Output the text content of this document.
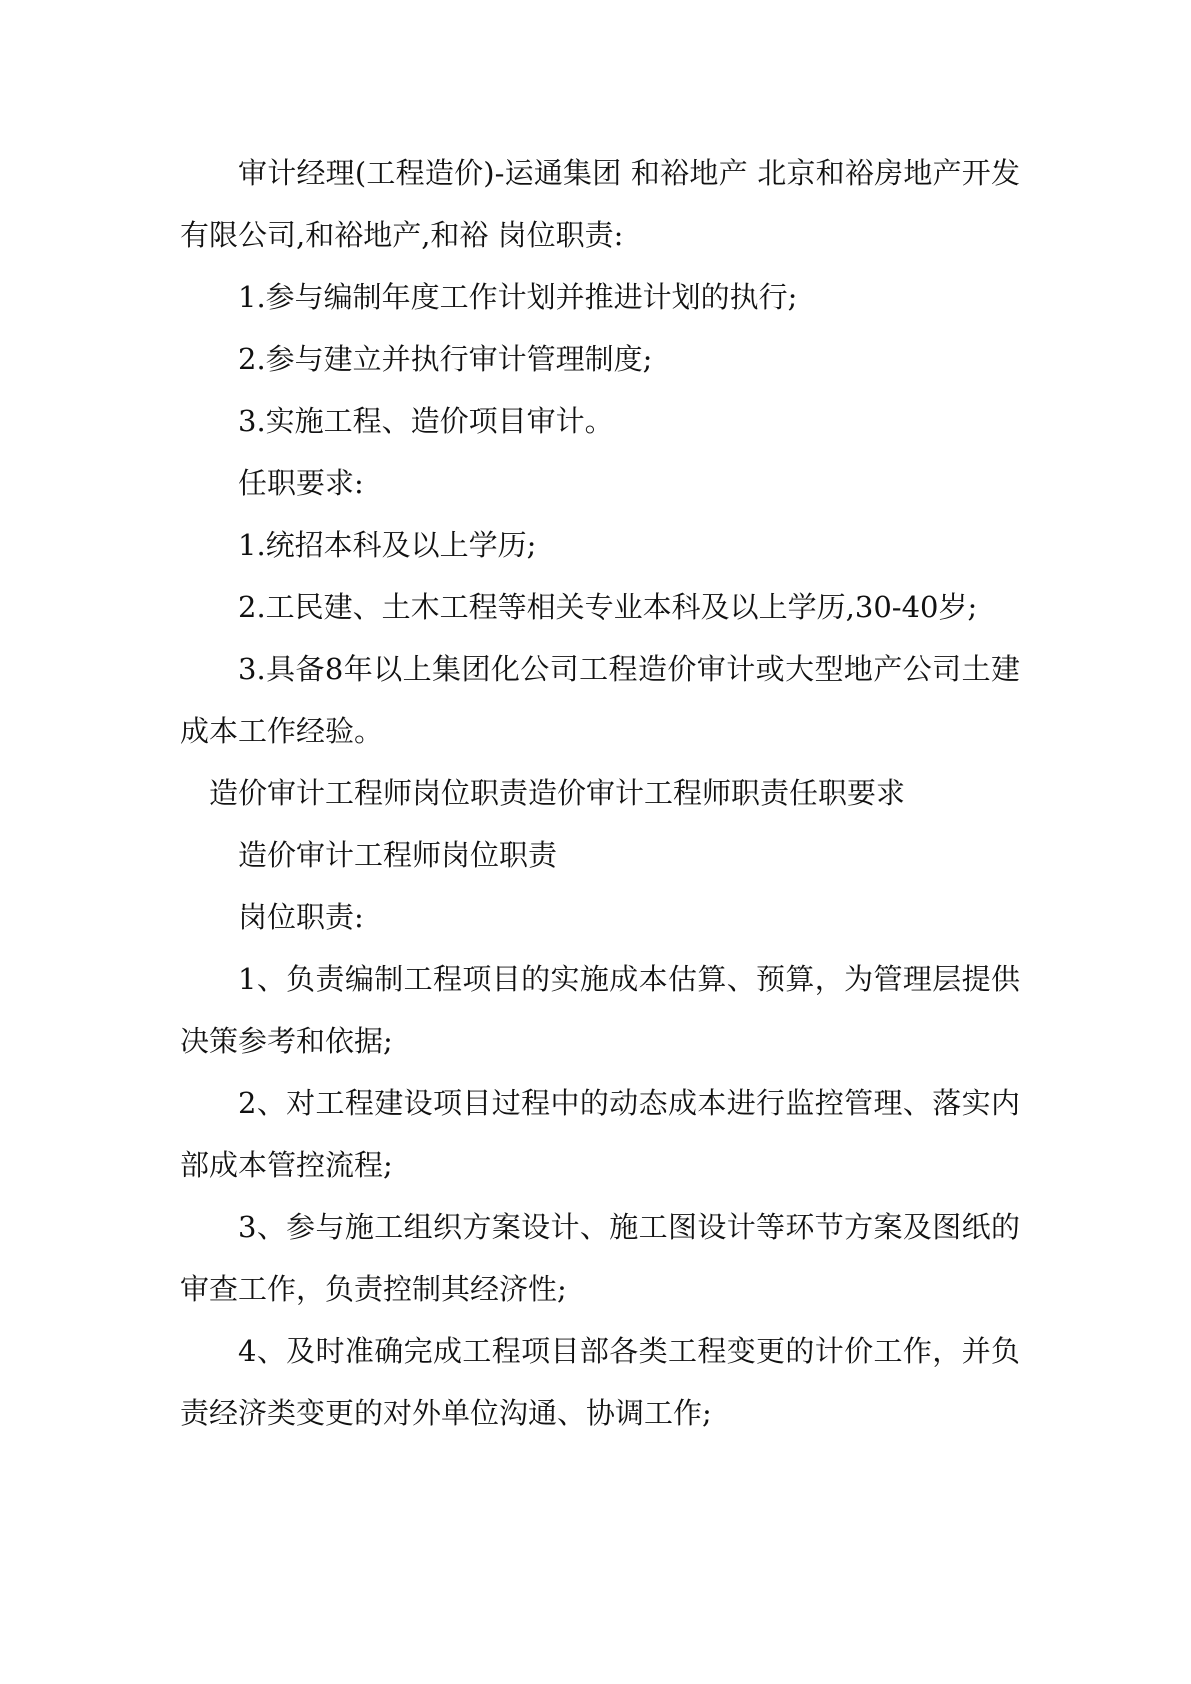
审计经理(工程造价)-运通集团 和裕地产 北京和裕房地产开发有限公司,和裕地产,和裕 岗位职责:

1.参与编制年度工作计划并推进计划的执行;

2.参与建立并执行审计管理制度;

3.实施工程、造价项目审计。

任职要求:

1.统招本科及以上学历;

2.工民建、土木工程等相关专业本科及以上学历,30-40岁;

3.具备8年以上集团化公司工程造价审计或大型地产公司土建成本工作经验。

造价审计工程师岗位职责造价审计工程师职责任职要求

造价审计工程师岗位职责

岗位职责:

1、负责编制工程项目的实施成本估算、预算，为管理层提供决策参考和依据;

2、对工程建设项目过程中的动态成本进行监控管理、落实内部成本管控流程;

3、参与施工组织方案设计、施工图设计等环节方案及图纸的审查工作，负责控制其经济性;

4、及时准确完成工程项目部各类工程变更的计价工作，并负责经济类变更的对外单位沟通、协调工作;
